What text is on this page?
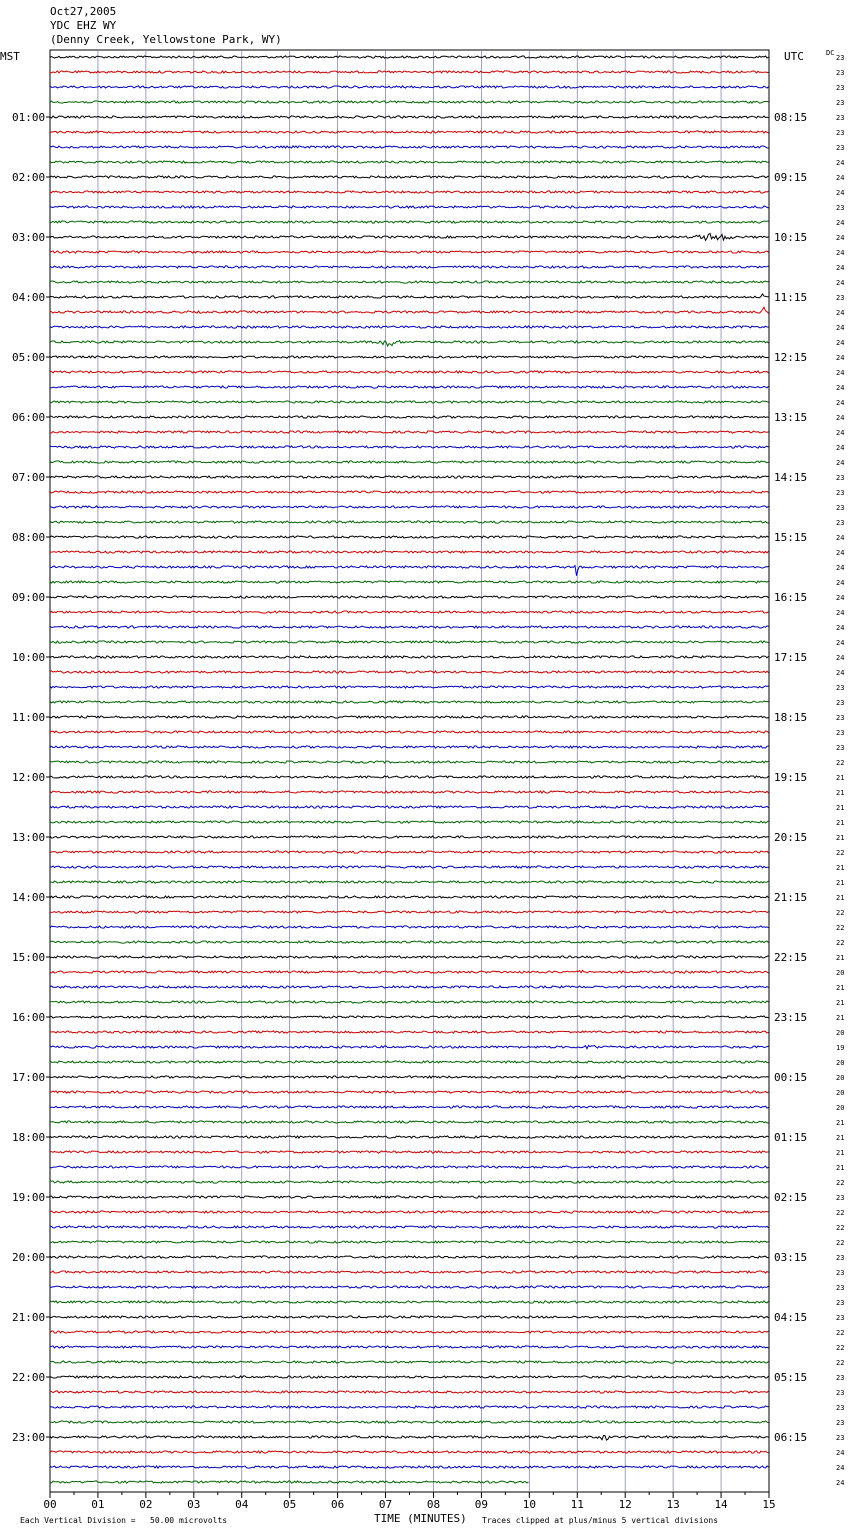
Oct27,2005
YDC EHZ WY
(Denny Creek, Yellowstone Park, WY)
MST	UTC	DC
00	01	02	03	04	05	06	07	08	09	10	11	12	13	14	15
23
23
23
23
23
23
23
24
24
24
23
24
24
24
24
24
23
24
24
24
24
24
24
24
24
24
24
24
23
23
23
23
24
24
24
24
24
24
24
24
24
24
23
23
23
23
23
22
21
21
21
21
21
22
21
21
21
22
22
22
21
20
21
21
21
20
19
20
20
20
20
21
21
21
21
22
23
22
22
22
23
23
23
23
23
22
22
22
23
23
23
23
23
24
24
24
01:00
02:00
03:00
04:00
05:00
06:00
07:00
08:00
09:00
10:00
11:00
12:00
13:00
14:00
15:00
16:00
17:00
18:00
19:00
20:00
21:00
22:00
23:00
08:15
09:15
10:15
11:15
12:15
13:15
14:15
15:15
16:15
17:15
18:15
19:15
20:15
21:15
22:15
23:15
00:15
01:15
02:15
03:15
04:15
05:15
06:15
TIME (MINUTES)
Each Vertical Division =   50.00 microvolts	Traces clipped at plus/minus 5 vertical divisions
